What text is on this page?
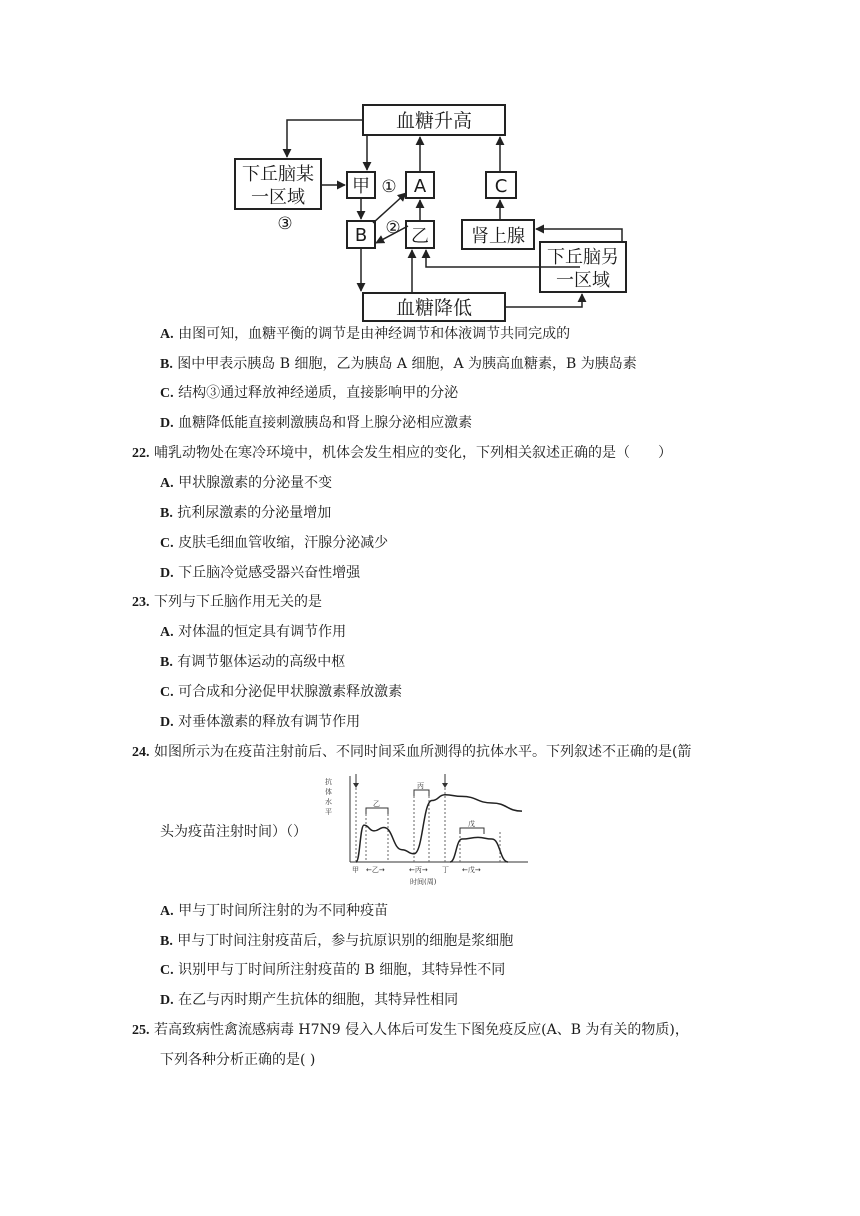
血糖升高
血糖降低
下丘脑某
一区域
③
甲 A
B 乙
C
①
②	肾上腺
下丘脑另
一区域
A. 由图可知，血糖平衡的调节是由神经调节和体液调节共同完成的
B. 图中甲表示胰岛 B 细胞，乙为胰岛 A 细胞，A 为胰高血糖素，B 为胰岛素
C. 结构③通过释放神经递质，直接影响甲的分泌
D. 血糖降低能直接刺激胰岛和肾上腺分泌相应激素
22. 哺乳动物处在寒冷环境中，机体会发生相应的变化，下列相关叙述正确的是（　　）
A. 甲状腺激素的分泌量不变
B. 抗利尿激素的分泌量增加
C. 皮肤毛细血管收缩，汗腺分泌减少
D. 下丘脑冷觉感受器兴奋性增强
23. 下列与下丘脑作用无关的是
A. 对体温的恒定具有调节作用
B. 有调节躯体运动的高级中枢
C. 可合成和分泌促甲状腺激素释放激素
D. 对垂体激素的释放有调节作用
24. 如图所示为在疫苗注射前后、不同时间采血所测得的抗体水平。下列叙述不正确的是(箭
头为疫苗注射时间）（）
抗
体
水
平
乙
丙
戊
甲 ←乙→	←丙→ 丁 ←戊→
时间(周)
A. 甲与丁时间所注射的为不同种疫苗
B. 甲与丁时间注射疫苗后，参与抗原识别的细胞是浆细胞
C. 识别甲与丁时间所注射疫苗的 B 细胞，其特异性不同
D. 在乙与丙时期产生抗体的细胞，其特异性相同
25. 若高致病性禽流感病毒 H7N9 侵入人体后可发生下图免疫反应(A、B 为有关的物质)，
下列各种分析正确的是( )
